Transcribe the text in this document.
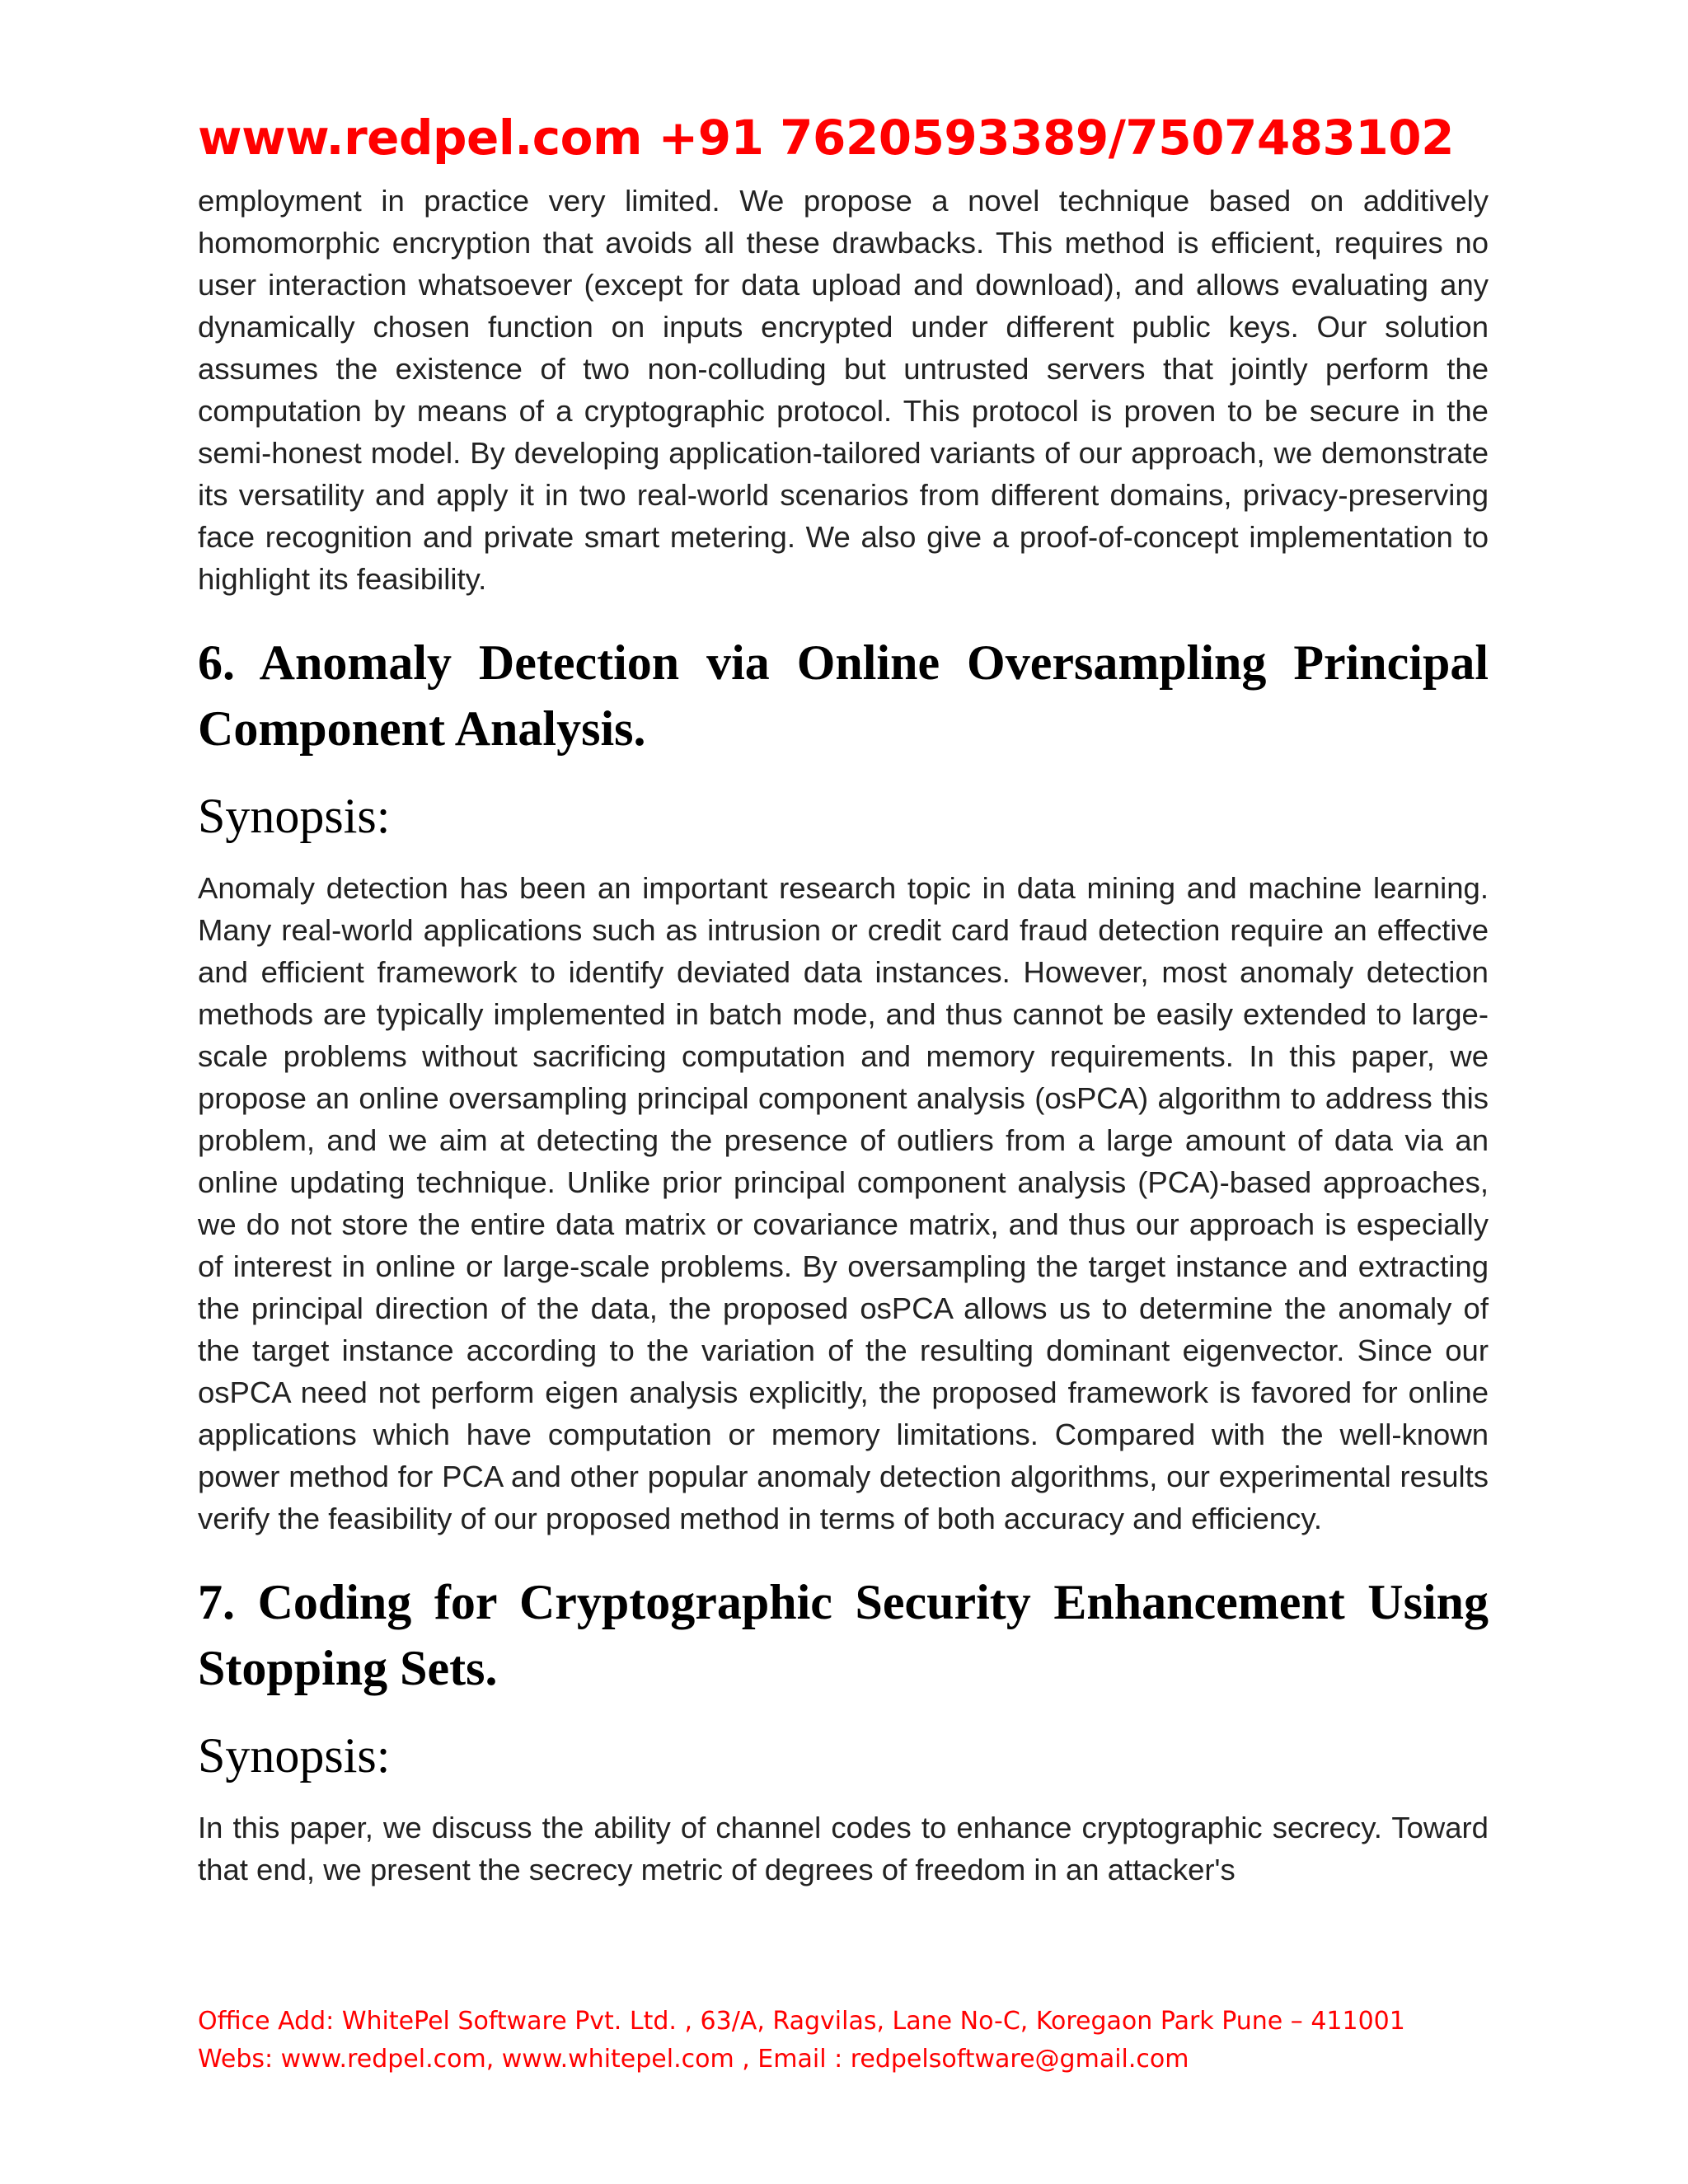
www.redpel.com +91 7620593389/7507483102

employment in practice very limited. We propose a novel technique based on additively homomorphic encryption that avoids all these drawbacks. This method is efficient, requires no user interaction whatsoever (except for data upload and download), and allows evaluating any dynamically chosen function on inputs encrypted under different public keys. Our solution assumes the existence of two non-colluding but untrusted servers that jointly perform the computation by means of a cryptographic protocol. This protocol is proven to be secure in the semi-honest model. By developing application-tailored variants of our approach, we demonstrate its versatility and apply it in two real-world scenarios from different domains, privacy-preserving face recognition and private smart metering. We also give a proof-of-concept implementation to highlight its feasibility.

6. Anomaly Detection via Online Oversampling Principal Component Analysis.
Synopsis:

Anomaly detection has been an important research topic in data mining and machine learning. Many real-world applications such as intrusion or credit card fraud detection require an effective and efficient framework to identify deviated data instances. However, most anomaly detection methods are typically implemented in batch mode, and thus cannot be easily extended to large-scale problems without sacrificing computation and memory requirements. In this paper, we propose an online oversampling principal component analysis (osPCA) algorithm to address this problem, and we aim at detecting the presence of outliers from a large amount of data via an online updating technique. Unlike prior principal component analysis (PCA)-based approaches, we do not store the entire data matrix or covariance matrix, and thus our approach is especially of interest in online or large-scale problems. By oversampling the target instance and extracting the principal direction of the data, the proposed osPCA allows us to determine the anomaly of the target instance according to the variation of the resulting dominant eigenvector. Since our osPCA need not perform eigen analysis explicitly, the proposed framework is favored for online applications which have computation or memory limitations. Compared with the well-known power method for PCA and other popular anomaly detection algorithms, our experimental results verify the feasibility of our proposed method in terms of both accuracy and efficiency.

7. Coding for Cryptographic Security Enhancement Using Stopping Sets.
Synopsis:

In this paper, we discuss the ability of channel codes to enhance cryptographic secrecy. Toward that end, we present the secrecy metric of degrees of freedom in an attacker's

Office Add: WhitePel Software Pvt. Ltd. , 63/A, Ragvilas, Lane No-C, Koregaon Park Pune – 411001
Webs: www.redpel.com, www.whitepel.com , Email : redpelsoftware@gmail.com
